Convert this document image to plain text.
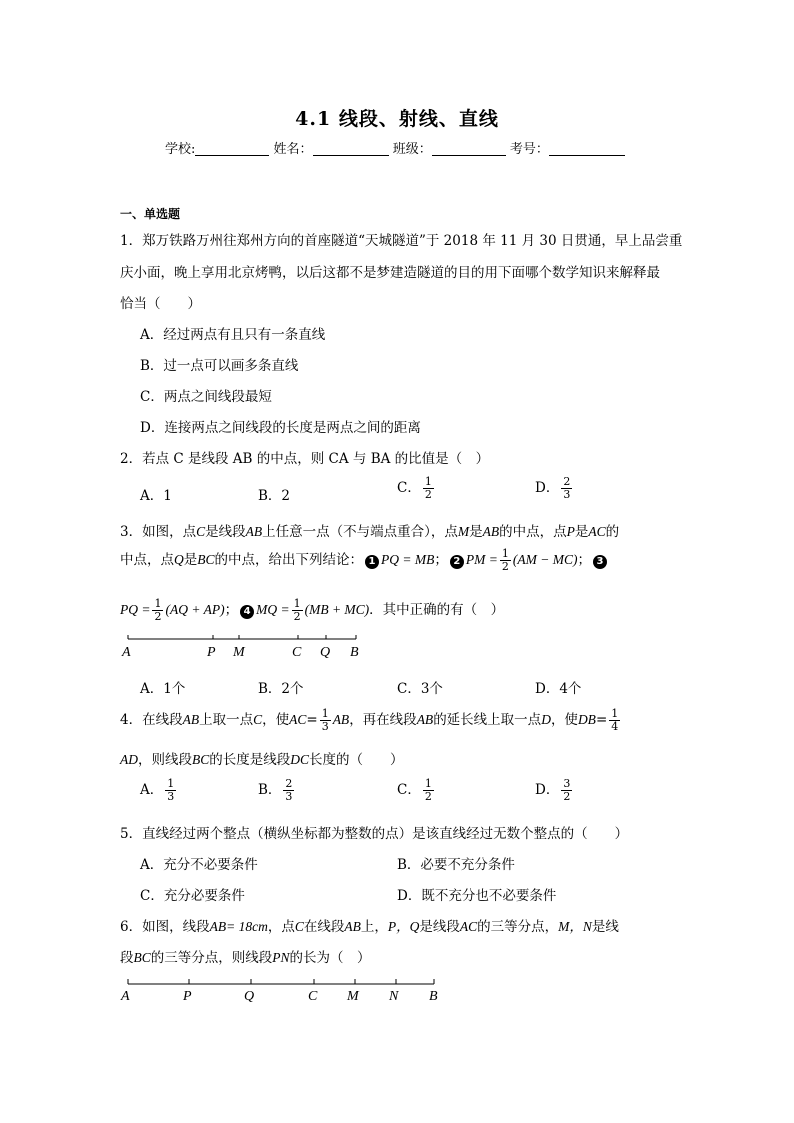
4.1 线段、射线、直线
学校:	姓名：	班级：	考号：
一、单选题
1．郑万铁路万州往郑州方向的首座隧道“天城隧道”于 2018 年 11 月 30 日贯通，早上品尝重
庆小面，晚上享用北京烤鸭，以后这都不是梦建造隧道的目的用下面哪个数学知识来解释最
恰当（　　）
A．经过两点有且只有一条直线
B．过一点可以画多条直线
C．两点之间线段最短
D．连接两点之间线段的长度是两点之间的距离
2．若点 C 是线段 AB 的中点，则 CA 与 BA 的比值是（　）
A．1	B．2	C． $\frac{1}{2}$	D． $\frac{2}{3}$
3．如图，点C是线段AB上任意一点（不与端点重合），点M是AB的中点，点P是AC的
中点，点Q是BC的中点，给出下列结论： 1 PQ = MB； 2 PM = $\frac{1}{2} (AM - MC)$； 3
PQ = $\frac{1}{2} (AQ + AP)$； 4 MQ = $\frac{1}{2} (MB + MC)$．其中正确的有（　）
A	P M	C Q B
A．1个	B．2个	C．3个	D．4个
4．在线段AB上取一点C，使$AC= \frac{1}{3}$ AB，再在线段AB的延长线上取一点D，使$DB= \frac{1}{4}$
AD，则线段BC的长度是线段DC长度的（　　）
A． $\frac{1}{3}$	B． $\frac{2}{3}$	C． $\frac{1}{2}$	D． $\frac{3}{2}$
5．直线经过两个整点（横纵坐标都为整数的点）是该直线经过无数个整点的（　　）
A．充分不必要条件	B．必要不充分条件
C．充分必要条件	D．既不充分也不必要条件
6．如图，线段AB= 18cm，点C在线段AB上，P，Q是线段AC的三等分点，M，N是线
段BC的三等分点，则线段PN的长为（　）
A	P	Q	C M N B
